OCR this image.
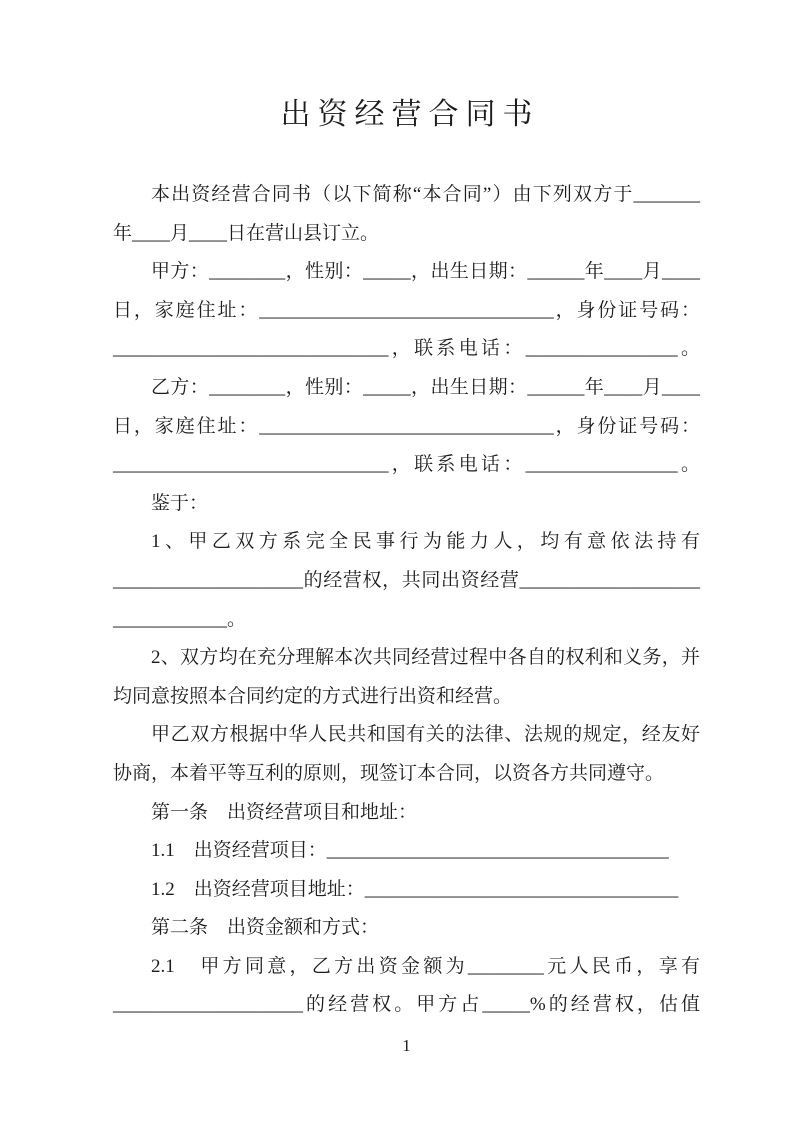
出资经营合同书
本出资经营合同书（以下简称“本合同”）由下列双方于_______
年____月____日在营山县订立。
甲方：________，性别：_____，出生日期：______年____月____
日，家庭住址：_______________________________，身份证号码：
_____________________________，联系电话：________________。
乙方：________，性别：_____，出生日期：______年____月____
日，家庭住址：_______________________________，身份证号码：
_____________________________，联系电话：________________。
鉴于：
1、甲乙双方系完全民事行为能力人，均有意依法持有
____________________的经营权，共同出资经营___________________
____________。
2、双方均在充分理解本次共同经营过程中各自的权利和义务，并
均同意按照本合同约定的方式进行出资和经营。
甲乙双方根据中华人民共和国有关的法律、法规的规定，经友好
协商，本着平等互利的原则，现签订本合同，以资各方共同遵守。
第一条　出资经营项目和地址：
1.1　出资经营项目：____________________________________
1.2　出资经营项目地址：_________________________________
第二条　出资金额和方式：
2.1　甲方同意，乙方出资金额为________元人民币，享有
____________________的经营权。甲方占_____%的经营权，估值
1
